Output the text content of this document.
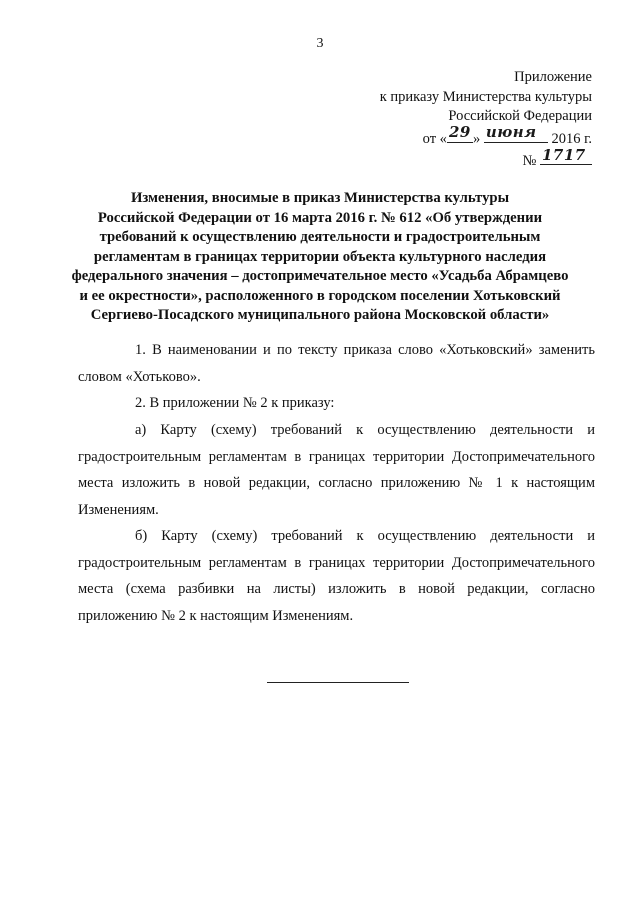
3
Приложение
к приказу Министерства культуры
Российской Федерации
от « 29 » июня 2016 г.
№ 1717
Изменения, вносимые в приказ Министерства культуры
Российской Федерации от 16 марта 2016 г. № 612 «Об утверждении
требований к осуществлению деятельности и градостроительным
регламентам в границах территории объекта культурного наследия
федерального значения – достопримечательное место «Усадьба Абрамцево
и ее окрестности», расположенного в городском поселении Хотьковский
Сергиево-Посадского муниципального района Московской области»

1. В наименовании и по тексту приказа слово «Хотьковский» заменить словом «Хотьково».

2. В приложении № 2 к приказу:

а) Карту (схему) требований к осуществлению деятельности и градостроительным регламентам в границах территории Достопримечательного места изложить в новой редакции, согласно приложению № 1 к настоящим Изменениям.

б) Карту (схему) требований к осуществлению деятельности и градостроительным регламентам в границах территории Достопримечательного места (схема разбивки на листы) изложить в новой редакции, согласно приложению № 2 к настоящим Изменениям.
